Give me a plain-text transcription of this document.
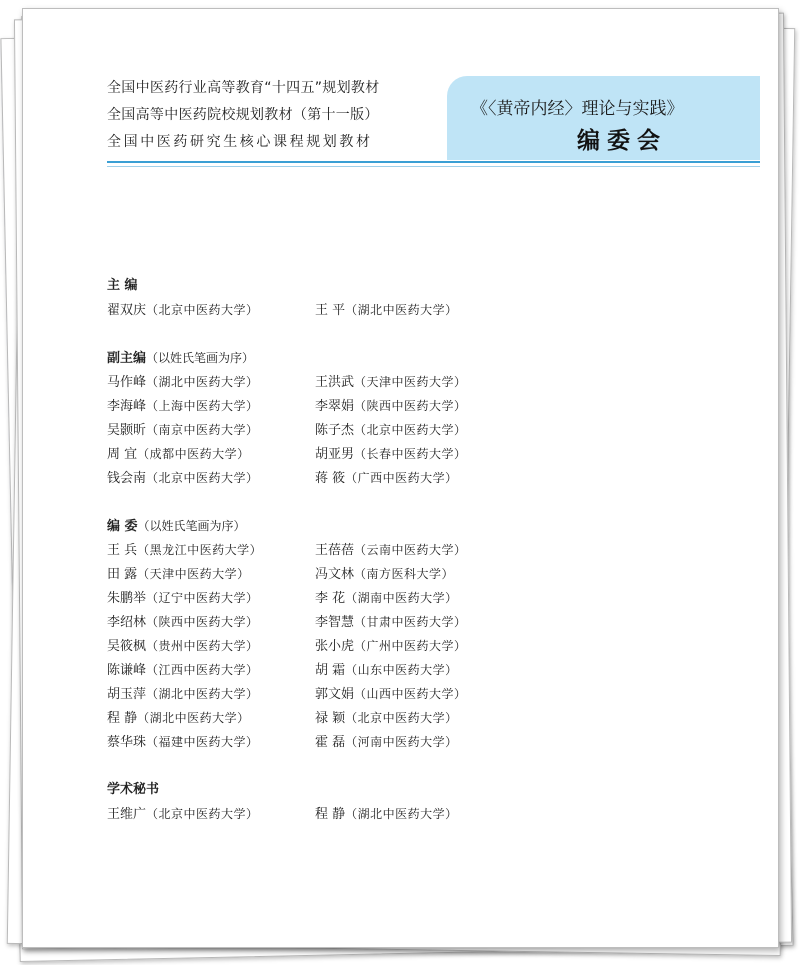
全国中医药行业高等教育“十四五”规划教材
全国高等中医药院校规划教材（第十一版）
全国中医药研究生核心课程规划教材
《〈黄帝内经〉理论与实践》
编委会
主 编
翟双庆（北京中医药大学）	王 平（湖北中医药大学）
副主编（以姓氏笔画为序）
马作峰（湖北中医药大学）	王洪武（天津中医药大学）
李海峰（上海中医药大学）	李翠娟（陕西中医药大学）
吴颢昕（南京中医药大学）	陈子杰（北京中医药大学）
周 宜（成都中医药大学）	胡亚男（长春中医药大学）
钱会南（北京中医药大学）	蒋 筱（广西中医药大学）
编 委（以姓氏笔画为序）
王 兵（黑龙江中医药大学）	王蓓蓓（云南中医药大学）
田 露（天津中医药大学）	冯文林（南方医科大学）
朱鹏举（辽宁中医药大学）	李 花（湖南中医药大学）
李绍林（陕西中医药大学）	李智慧（甘肃中医药大学）
吴筱枫（贵州中医药大学）	张小虎（广州中医药大学）
陈谦峰（江西中医药大学）	胡 霜（山东中医药大学）
胡玉萍（湖北中医药大学）	郭文娟（山西中医药大学）
程 静（湖北中医药大学）	禄 颖（北京中医药大学）
蔡华珠（福建中医药大学）	霍 磊（河南中医药大学）
学术秘书
王维广（北京中医药大学）	程 静（湖北中医药大学）
